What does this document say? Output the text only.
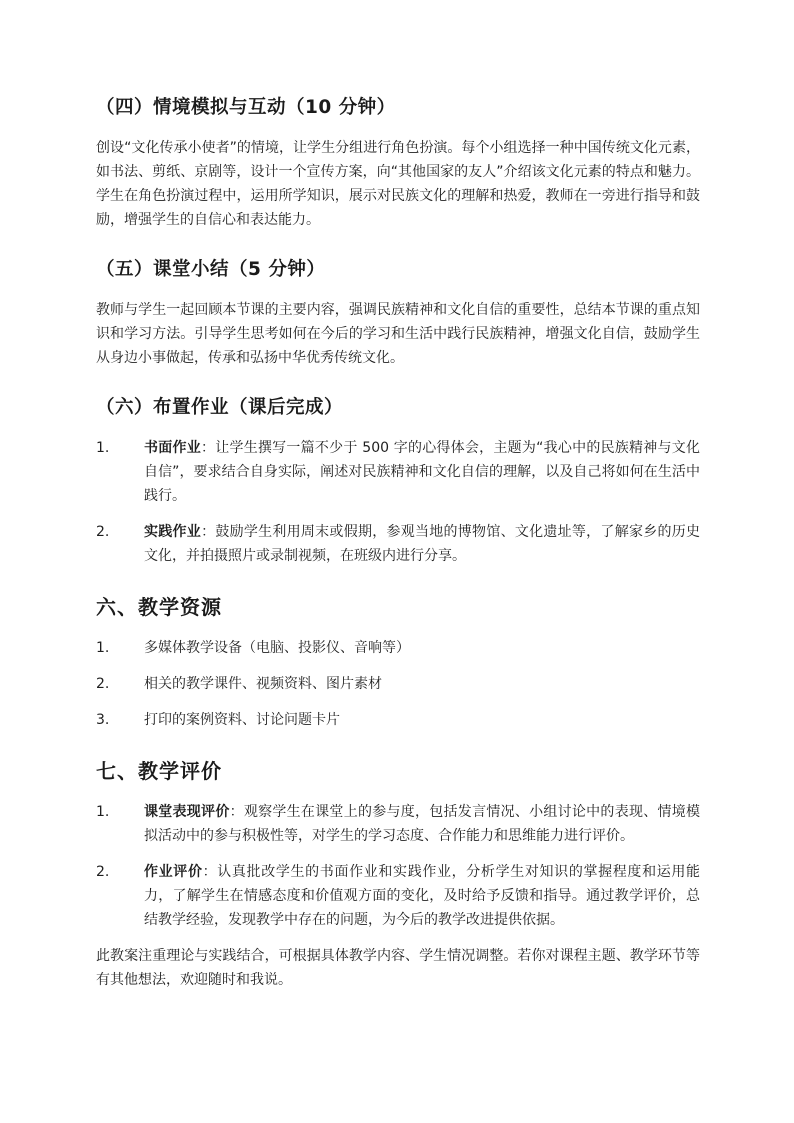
（四）情境模拟与互动（10 分钟）

创设“文化传承小使者”的情境，让学生分组进行角色扮演。每个小组选择一种中国传统文化元素，如书法、剪纸、京剧等，设计一个宣传方案，向“其他国家的友人”介绍该文化元素的特点和魅力。学生在角色扮演过程中，运用所学知识，展示对民族文化的理解和热爱，教师在一旁进行指导和鼓励，增强学生的自信心和表达能力。

（五）课堂小结（5 分钟）

教师与学生一起回顾本节课的主要内容，强调民族精神和文化自信的重要性，总结本节课的重点知识和学习方法。引导学生思考如何在今后的学习和生活中践行民族精神，增强文化自信，鼓励学生从身边小事做起，传承和弘扬中华优秀传统文化。

（六）布置作业（课后完成）
1.	书面作业：让学生撰写一篇不少于 500 字的心得体会，主题为“我心中的民族精神与文化自信”，要求结合自身实际，阐述对民族精神和文化自信的理解，以及自己将如何在生活中践行。
2.	实践作业：鼓励学生利用周末或假期，参观当地的博物馆、文化遗址等，了解家乡的历史文化，并拍摄照片或录制视频，在班级内进行分享。
六、教学资源
1.	多媒体教学设备（电脑、投影仪、音响等）
2.	相关的教学课件、视频资料、图片素材
3.	打印的案例资料、讨论问题卡片
七、教学评价
1.	课堂表现评价：观察学生在课堂上的参与度，包括发言情况、小组讨论中的表现、情境模拟活动中的参与积极性等，对学生的学习态度、合作能力和思维能力进行评价。
2.	作业评价：认真批改学生的书面作业和实践作业，分析学生对知识的掌握程度和运用能力，了解学生在情感态度和价值观方面的变化，及时给予反馈和指导。通过教学评价，总结教学经验，发现教学中存在的问题，为今后的教学改进提供依据。

此教案注重理论与实践结合，可根据具体教学内容、学生情况调整。若你对课程主题、教学环节等有其他想法，欢迎随时和我说。
